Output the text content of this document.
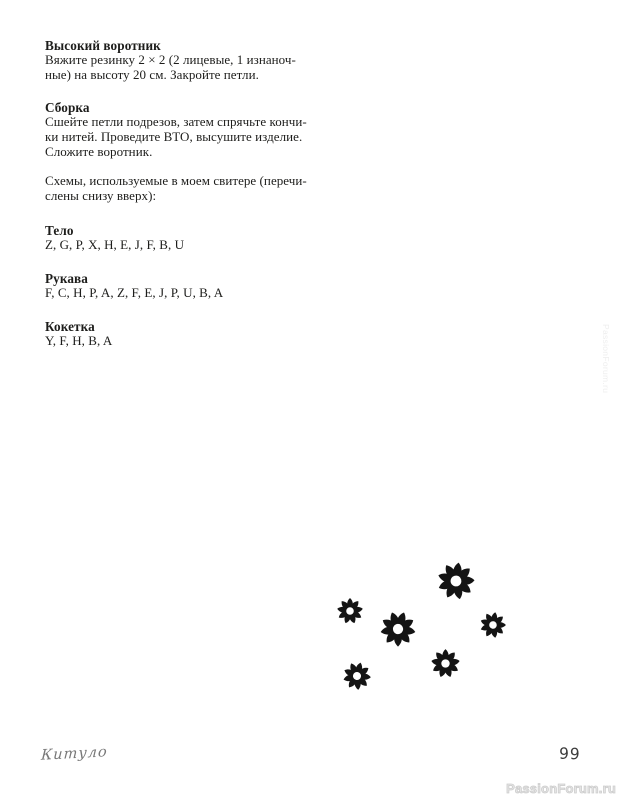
Высокий воротник
Вяжите резинку 2 × 2 (2 лицевые, 1 изнаноч-
ные) на высоту 20 см. Закройте петли.
Сборка
Сшейте петли подрезов, затем спрячьте кончи-
ки нитей. Проведите ВТО, высушите изделие.
Сложите воротник.
Схемы, используемые в моем свитере (перечи-
слены снизу вверх):
Тело
Z, G, P, X, H, E, J, F, B, U
Рукава
F, C, H, P, A, Z, F, E, J, P, U, B, A
Кокетка
Y, F, H, B, A
Китуло	99
PassionForum.ru
PassionForum.ru
